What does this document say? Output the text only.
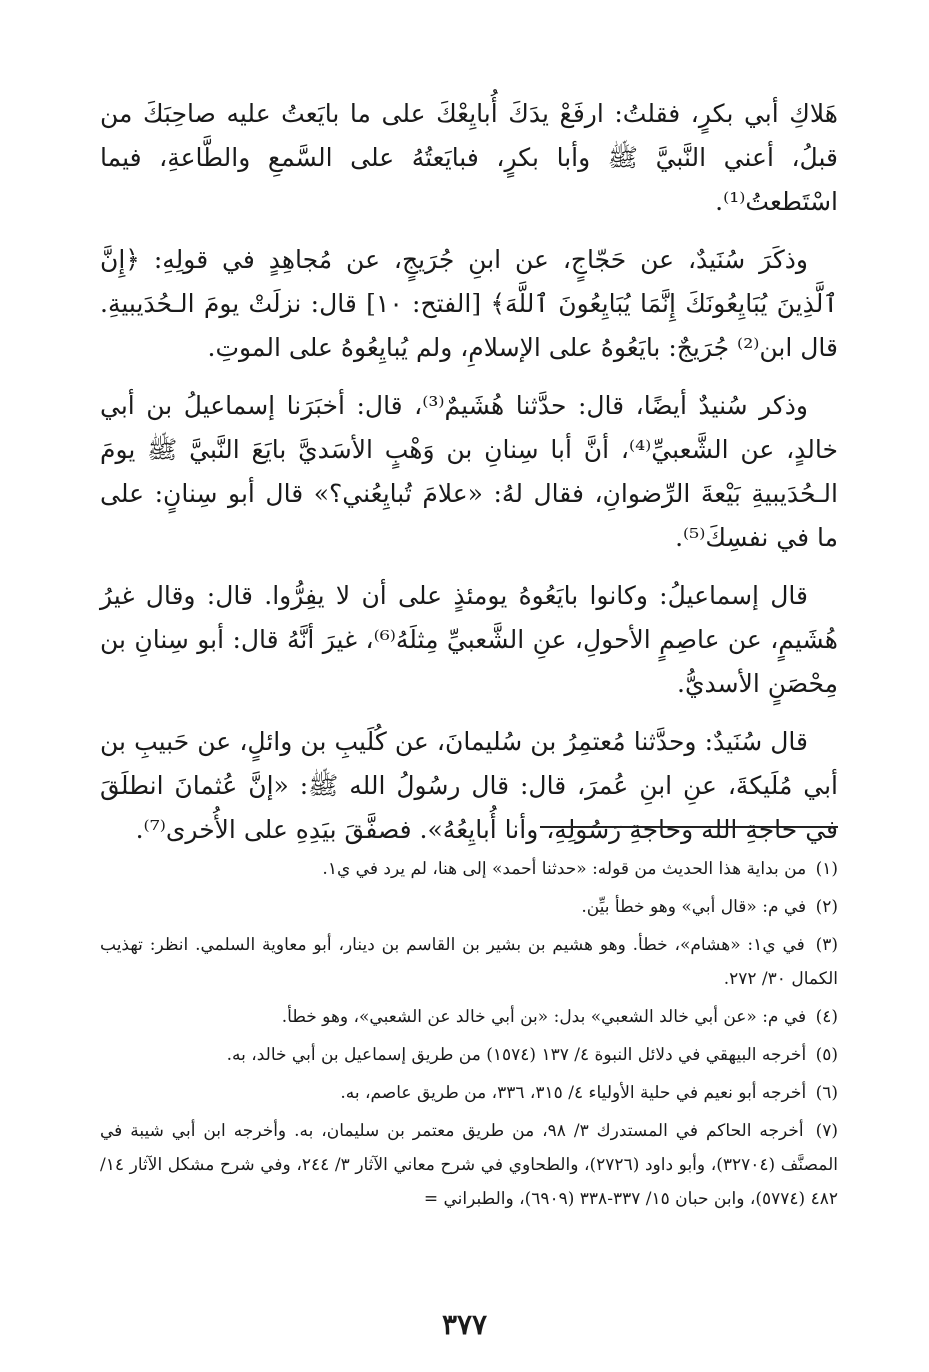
هَلاكِ أبي بكرٍ، فقلتُ: ارفَعْ يدَكَ أُبايِعْكَ على ما بايَعتُ عليه صاحِبَكَ من قبلُ، أعني النَّبيَّ ﷺ وأبا بكرٍ، فبايَعتُهُ على السَّمعِ والطَّاعةِ، فيما اسْتَطعتُ⁽¹⁾.

وذكَرَ سُنَيدٌ، عن حَجّاجٍ، عن ابنِ جُرَيجٍ، عن مُجاهِدٍ في قولِهِ: ﴿إِنَّ ٱلَّذِينَ يُبَايِعُونَكَ إِنَّمَا يُبَايِعُونَ ٱللَّهَ﴾ [الفتح: ١٠] قال: نزلَتْ يومَ الـحُدَيبيةِ. قال ابن⁽²⁾ جُرَيجٌ: بايَعُوهُ على الإسلامِ، ولم يُبايِعُوهُ على الموتِ.

وذكر سُنيدٌ أيضًا، قال: حدَّثنا هُشَيمٌ⁽³⁾، قال: أخبَرَنا إسماعيلُ بن أبي خالدٍ، عن الشَّعبيِّ⁽⁴⁾، أنَّ أبا سِنانِ بن وَهْبٍ الأسَديَّ بايَعَ النَّبيَّ ﷺ يومَ الـحُدَيبيةِ بَيْعةَ الرِّضوانِ، فقال لهُ: «علامَ تُبايِعُني؟» قال أبو سِنانٍ: على ما في نفسِكَ⁽⁵⁾.

قال إسماعيلُ: وكانوا بايَعُوهُ يومئذٍ على أن لا يفِرُّوا. قال: وقال غيرُ هُشَيمٍ، عن عاصِمٍ الأحولِ، عنِ الشَّعبيِّ مِثلَهُ⁽⁶⁾، غيرَ أنَّهُ قال: أبو سِنانِ بن مِحْصَنٍ الأسديُّ.

قال سُنَيدٌ: وحدَّثنا مُعتمِرُ بن سُليمانَ، عن كُلَيبِ بن وائلٍ، عن حَبيبِ بن أبي مُلَيكةَ، عنِ ابنِ عُمرَ، قال: قال رسُولُ الله ﷺ: «إنَّ عُثمانَ انطلَقَ في حاجةِ الله وحاجةِ رَسُولِهِ، وأنا أُبايِعُهُ». فصفَّقَ بيَدِهِ على الأُخرى⁽⁷⁾.

(١) من بداية هذا الحديث من قوله: «حدثنا أحمد» إلى هنا، لم يرد في ي١.

(٢) في م: «قال أبي» وهو خطأ بيِّن.

(٣) في ي١: «هشام»، خطأ. وهو هشيم بن بشير بن القاسم بن دينار، أبو معاوية السلمي. انظر: تهذيب الكمال ٣٠/ ٢٧٢.

(٤) في م: «عن أبي خالد الشعبي» بدل: «بن أبي خالد عن الشعبي»، وهو خطأ.

(٥) أخرجه البيهقي في دلائل النبوة ٤/ ١٣٧ (١٥٧٤) من طريق إسماعيل بن أبي خالد، به.

(٦) أخرجه أبو نعيم في حلية الأولياء ٤/ ٣١٥، ٣٣٦، من طريق عاصم، به.

(٧) أخرجه الحاكم في المستدرك ٣/ ٩٨، من طريق معتمر بن سليمان، به. وأخرجه ابن أبي شيبة في المصنَّف (٣٢٧٠٤)، وأبو داود (٢٧٢٦)، والطحاوي في شرح معاني الآثار ٣/ ٢٤٤، وفي شرح مشكل الآثار ١٤/ ٤٨٢ (٥٧٧٤)، وابن حبان ١٥/ ٣٣٧-٣٣٨ (٦٩٠٩)، والطبراني =

٣٧٧
